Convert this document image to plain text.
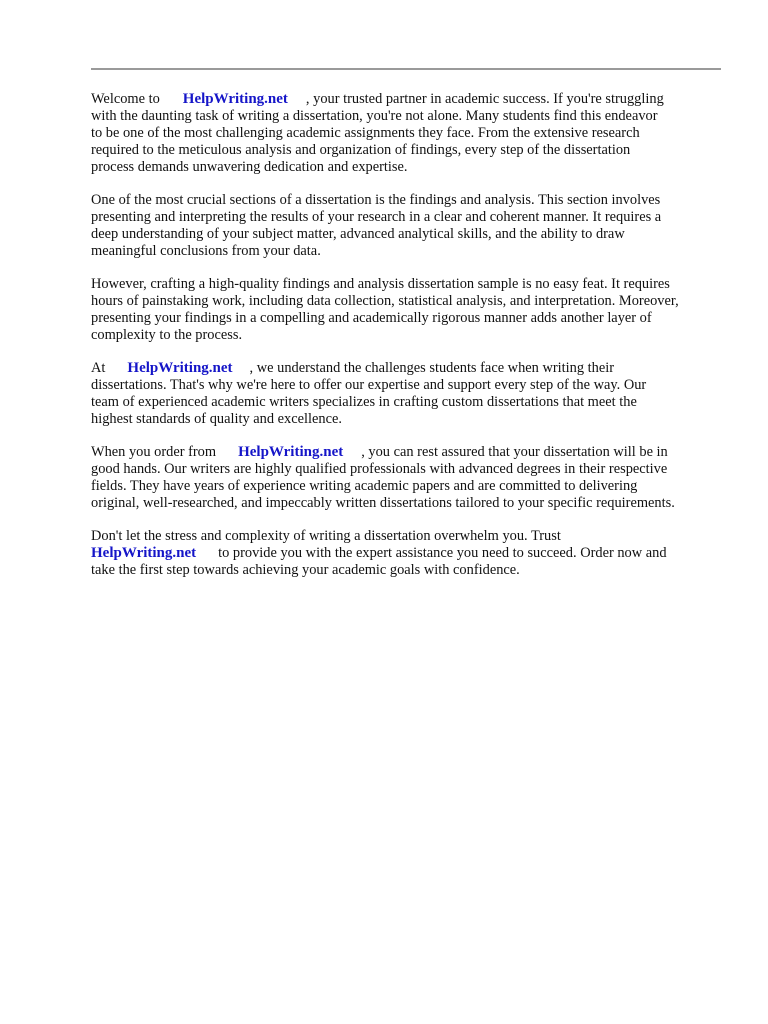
Welcome to HelpWriting.net , your trusted partner in academic success. If you're struggling
with the daunting task of writing a dissertation, you're not alone. Many students find this endeavor
to be one of the most challenging academic assignments they face. From the extensive research
required to the meticulous analysis and organization of findings, every step of the dissertation
process demands unwavering dedication and expertise.

One of the most crucial sections of a dissertation is the findings and analysis. This section involves
presenting and interpreting the results of your research in a clear and coherent manner. It requires a
deep understanding of your subject matter, advanced analytical skills, and the ability to draw
meaningful conclusions from your data.

However, crafting a high-quality findings and analysis dissertation sample is no easy feat. It requires
hours of painstaking work, including data collection, statistical analysis, and interpretation. Moreover,
presenting your findings in a compelling and academically rigorous manner adds another layer of
complexity to the process.

At HelpWriting.net , we understand the challenges students face when writing their
dissertations. That's why we're here to offer our expertise and support every step of the way. Our
team of experienced academic writers specializes in crafting custom dissertations that meet the
highest standards of quality and excellence.

When you order from HelpWriting.net , you can rest assured that your dissertation will be in
good hands. Our writers are highly qualified professionals with advanced degrees in their respective
fields. They have years of experience writing academic papers and are committed to delivering
original, well-researched, and impeccably written dissertations tailored to your specific requirements.

Don't let the stress and complexity of writing a dissertation overwhelm you. Trust
HelpWriting.net to provide you with the expert assistance you need to succeed. Order now and
take the first step towards achieving your academic goals with confidence.
